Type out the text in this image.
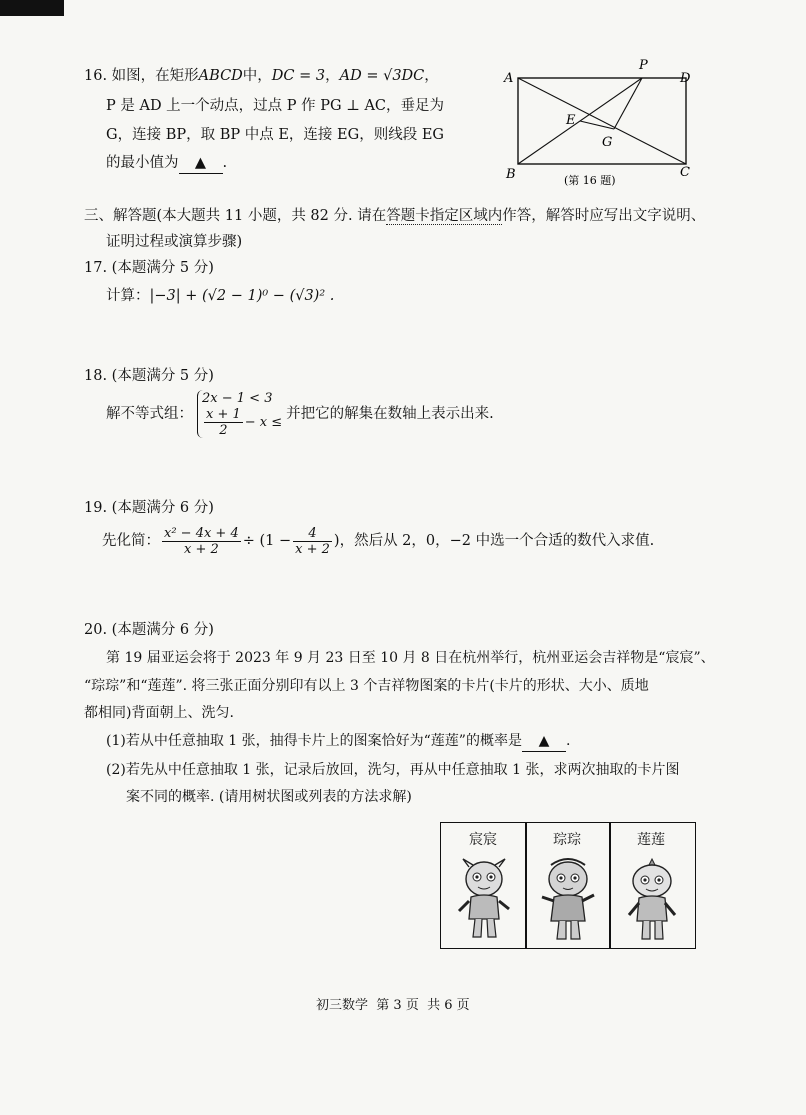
16. 如图，在矩形ABCD中，DC = 3，AD = √3DC，
P 是 AD 上一个动点，过点 P 作 PG ⊥ AC，垂足为
G，连接 BP，取 BP 中点 E，连接 EG，则线段 EG
的最小值为 ▲ .
A	D
B	C
P
E
G
(第 16 题)
三、解答题(本大题共 11 小题，共 82 分. 请在答题卡指定区域内作答，解答时应写出文字说明、
证明过程或演算步骤)
17. (本题满分 5 分)
计算：|−3| + (√2 − 1)⁰ − (√3)² .
18. (本题满分 5 分)
解不等式组：
2x − 1 < 3
$\frac{x + 1}{2} - x$ ≤
并把它的解集在数轴上表示出来.
19. (本题满分 6 分)
先化简： $\frac{\text{x² − 4x + 4}}{x + 2} \div (1 - \frac{4}{x + 2}$ )，然后从 2，0，−2 中选一个合适的数代入求值.
20. (本题满分 6 分)
第 19 届亚运会将于 2023 年 9 月 23 日至 10 月 8 日在杭州举行，杭州亚运会吉祥物是“宸宸”、
“琮琮”和“莲莲”. 将三张正面分别印有以上 3 个吉祥物图案的卡片(卡片的形状、大小、质地
都相同)背面朝上、洗匀.
(1)若从中任意抽取 1 张，抽得卡片上的图案恰好为“莲莲”的概率是 ▲ .
(2)若先从中任意抽取 1 张，记录后放回，洗匀，再从中任意抽取 1 张，求两次抽取的卡片图
案不同的概率. (请用树状图或列表的方法求解)
宸宸	琮琮	莲莲
初三数学 第 3 页 共 6 页
